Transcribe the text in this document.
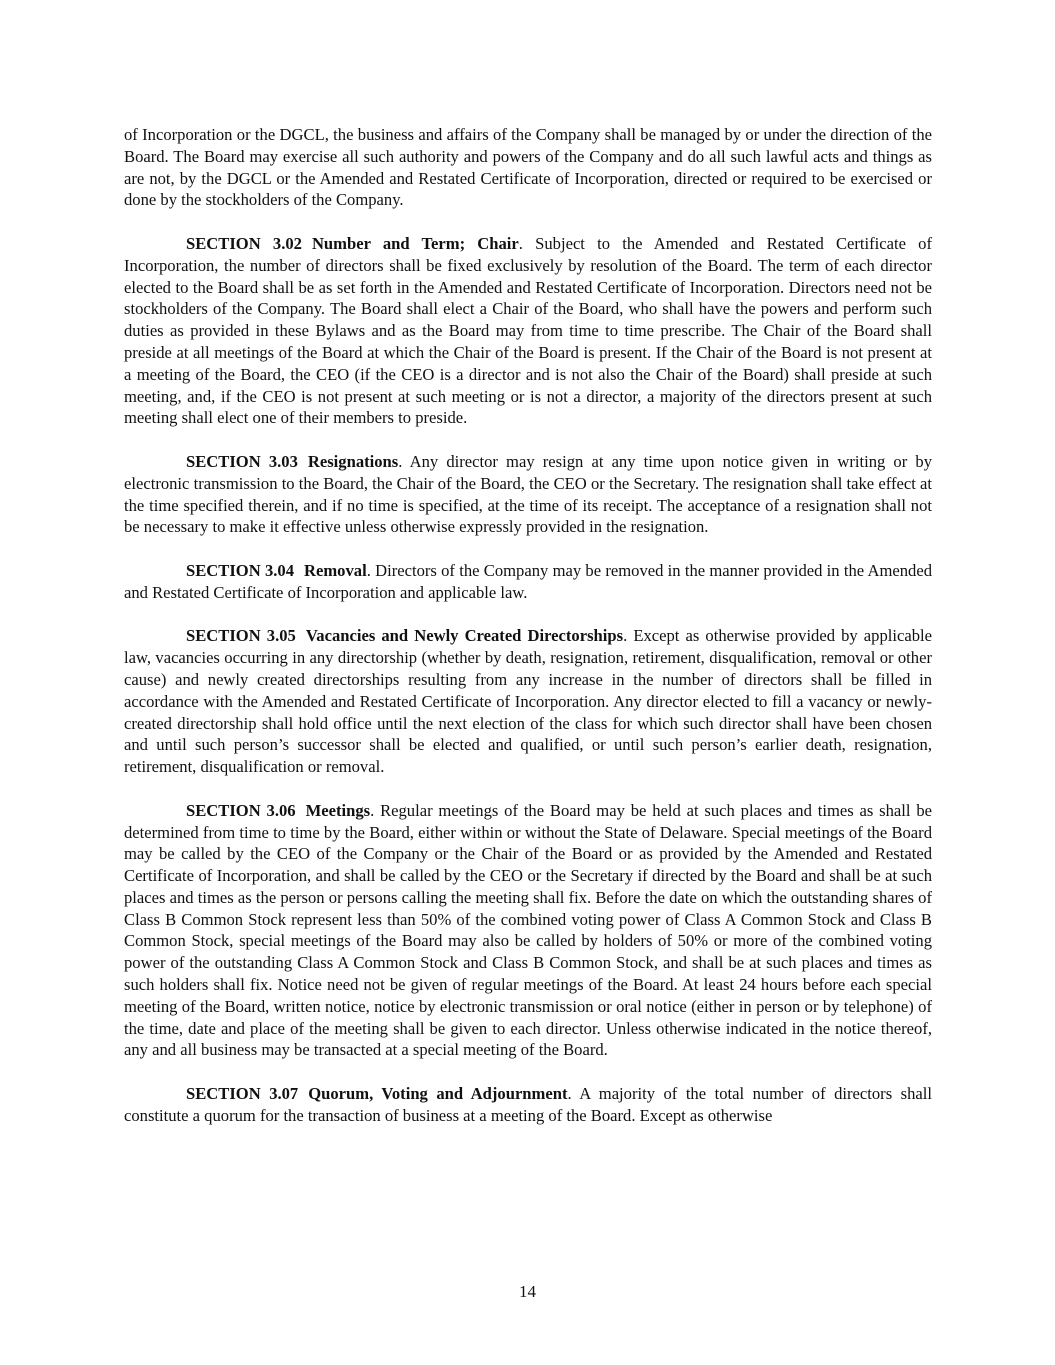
of Incorporation or the DGCL, the business and affairs of the Company shall be managed by or under the direction of the Board. The Board may exercise all such authority and powers of the Company and do all such lawful acts and things as are not, by the DGCL or the Amended and Restated Certificate of Incorporation, directed or required to be exercised or done by the stockholders of the Company.

SECTION 3.02 Number and Term; Chair. Subject to the Amended and Restated Certificate of Incorporation, the number of directors shall be fixed exclusively by resolution of the Board. The term of each director elected to the Board shall be as set forth in the Amended and Restated Certificate of Incorporation. Directors need not be stockholders of the Company. The Board shall elect a Chair of the Board, who shall have the powers and perform such duties as provided in these Bylaws and as the Board may from time to time prescribe. The Chair of the Board shall preside at all meetings of the Board at which the Chair of the Board is present. If the Chair of the Board is not present at a meeting of the Board, the CEO (if the CEO is a director and is not also the Chair of the Board) shall preside at such meeting, and, if the CEO is not present at such meeting or is not a director, a majority of the directors present at such meeting shall elect one of their members to preside.

SECTION 3.03 Resignations. Any director may resign at any time upon notice given in writing or by electronic transmission to the Board, the Chair of the Board, the CEO or the Secretary. The resignation shall take effect at the time specified therein, and if no time is specified, at the time of its receipt. The acceptance of a resignation shall not be necessary to make it effective unless otherwise expressly provided in the resignation.

SECTION 3.04 Removal. Directors of the Company may be removed in the manner provided in the Amended and Restated Certificate of Incorporation and applicable law.

SECTION 3.05 Vacancies and Newly Created Directorships. Except as otherwise provided by applicable law, vacancies occurring in any directorship (whether by death, resignation, retirement, disqualification, removal or other cause) and newly created directorships resulting from any increase in the number of directors shall be filled in accordance with the Amended and Restated Certificate of Incorporation. Any director elected to fill a vacancy or newly-created directorship shall hold office until the next election of the class for which such director shall have been chosen and until such person’s successor shall be elected and qualified, or until such person’s earlier death, resignation, retirement, disqualification or removal.

SECTION 3.06 Meetings. Regular meetings of the Board may be held at such places and times as shall be determined from time to time by the Board, either within or without the State of Delaware. Special meetings of the Board may be called by the CEO of the Company or the Chair of the Board or as provided by the Amended and Restated Certificate of Incorporation, and shall be called by the CEO or the Secretary if directed by the Board and shall be at such places and times as the person or persons calling the meeting shall fix. Before the date on which the outstanding shares of Class B Common Stock represent less than 50% of the combined voting power of Class A Common Stock and Class B Common Stock, special meetings of the Board may also be called by holders of 50% or more of the combined voting power of the outstanding Class A Common Stock and Class B Common Stock, and shall be at such places and times as such holders shall fix. Notice need not be given of regular meetings of the Board. At least 24 hours before each special meeting of the Board, written notice, notice by electronic transmission or oral notice (either in person or by telephone) of the time, date and place of the meeting shall be given to each director. Unless otherwise indicated in the notice thereof, any and all business may be transacted at a special meeting of the Board.

SECTION 3.07 Quorum, Voting and Adjournment. A majority of the total number of directors shall constitute a quorum for the transaction of business at a meeting of the Board. Except as otherwise

14
